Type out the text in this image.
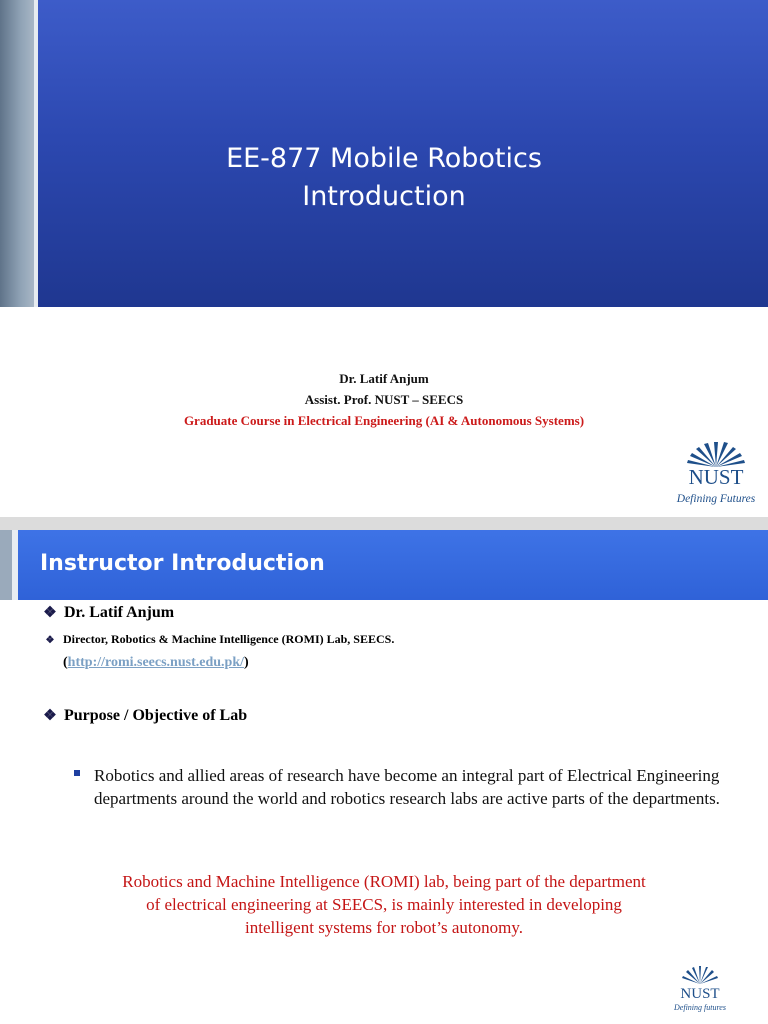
EE-877 Mobile Robotics
Introduction
Dr. Latif Anjum
Assist. Prof. NUST – SEECS
Graduate Course in Electrical Engineering (AI & Autonomous Systems)
NUST
Defining Futures
Instructor Introduction
❖ Dr. Latif Anjum
❖ Director, Robotics & Machine Intelligence (ROMI) Lab, SEECS.
(http://romi.seecs.nust.edu.pk/)
❖ Purpose / Objective of Lab
Robotics and allied areas of research have become an integral part of Electrical Engineering departments around the world and robotics research labs are active parts of the departments.
Robotics and Machine Intelligence (ROMI) lab, being part of the department
of electrical engineering at SEECS, is mainly interested in developing
intelligent systems for robot’s autonomy.
NUST
Defining futures
